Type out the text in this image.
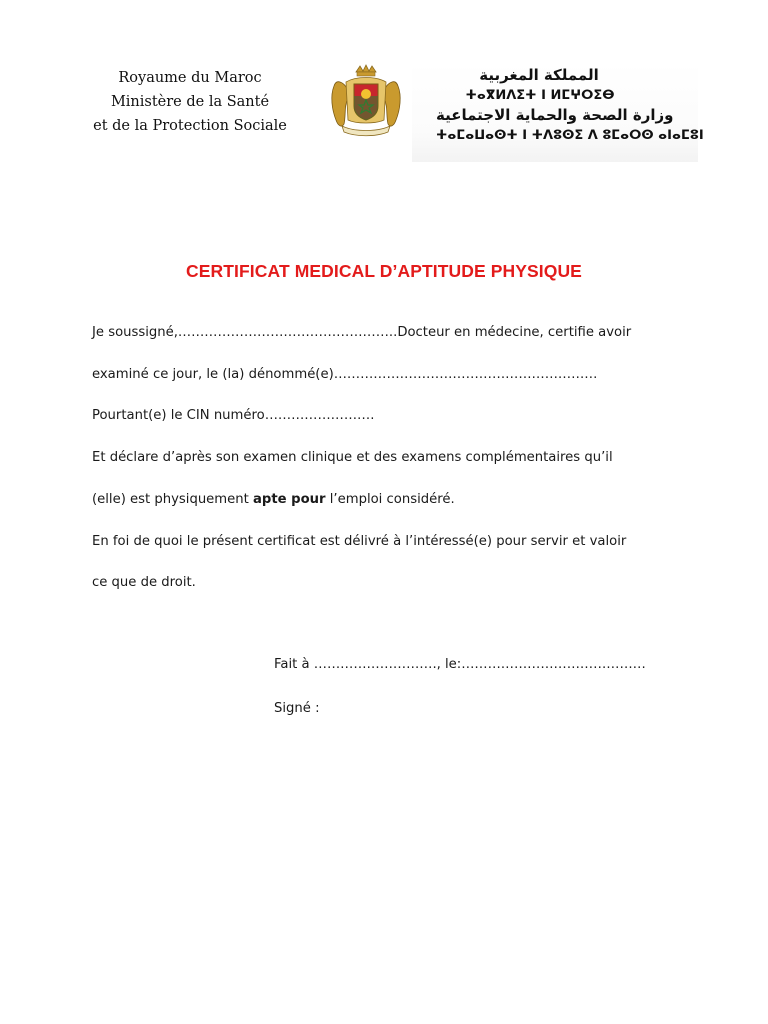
Royaume du Maroc
Ministère de la Santé
et de la Protection Sociale
المملكة المغربية
ⵜⴰⴳⵍⴷⵉⵜ ⵏ ⵍⵎⵖⵔⵉⴱ
وزارة الصحة والحماية الاجتماعية
ⵜⴰⵎⴰⵡⴰⵙⵜ ⵏ ⵜⴷⵓⵙⵉ ⴷ ⵓⵎⴰⵔⵙ ⴰⵏⴰⵎⵓⵏ
CERTIFICAT MEDICAL D’APTITUDE PHYSIQUE
Je soussigné,…………………………………………..Docteur en médecine, certifie avoir
examiné ce jour, le (la) dénommé(e)……………………………………………………
Pourtant(e) le CIN numéro…………………….
Et déclare d’après son examen clinique et des examens complémentaires qu’il
(elle) est physiquement apte pour l’emploi considéré.
En foi de quoi le présent certificat est délivré à l’intéressé(e) pour servir et valoir
ce que de droit.
Fait à ………………………., le:……………………………………
Signé :
